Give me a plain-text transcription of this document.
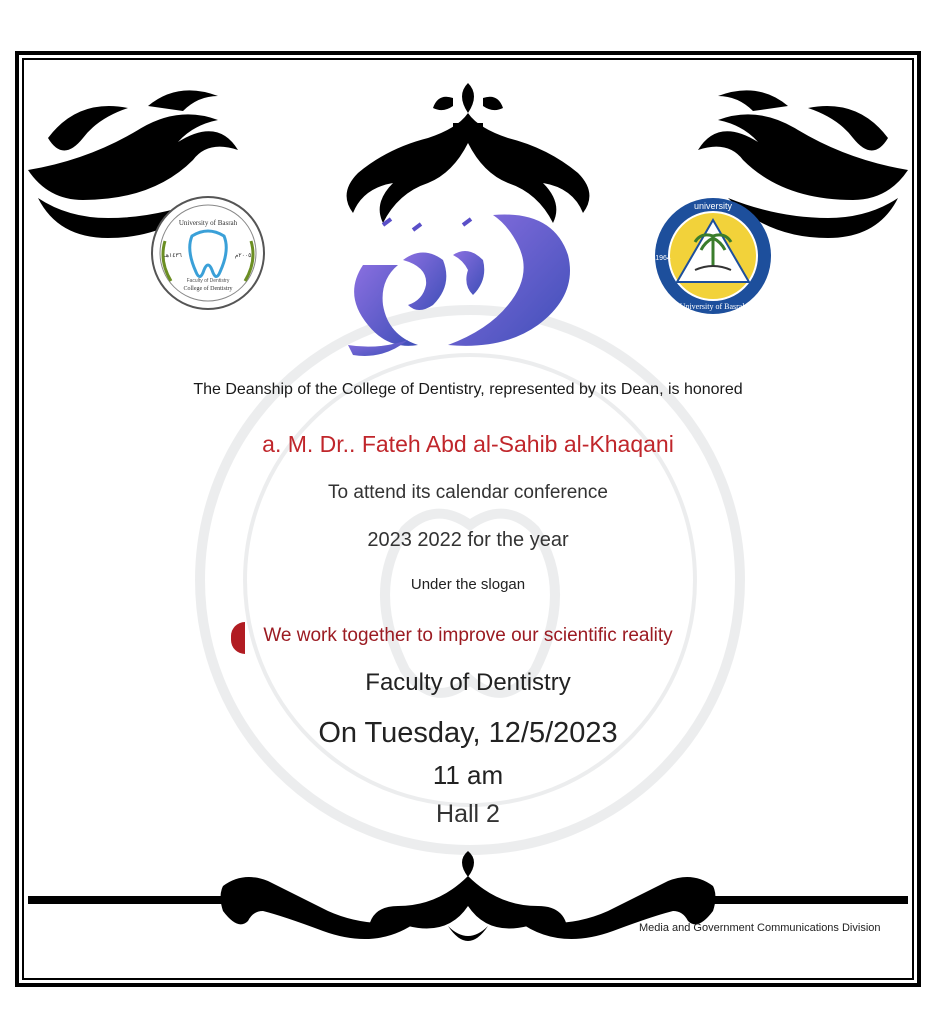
University of Basrah
College of Dentistry
Faculty of Dentistry
١٤٣٦هـ	٢٠٠٥م
university
University of Basrah
1964
The Deanship of the College of Dentistry, represented by its Dean, is honored
a. M. Dr.. Fateh Abd al-Sahib al-Khaqani
To attend its calendar conference
2023 2022 for the year
Under the slogan
We work together to improve our scientific reality
Faculty of Dentistry
On Tuesday, 12/5/2023
11 am
Hall 2
Media and Government Communications Division
